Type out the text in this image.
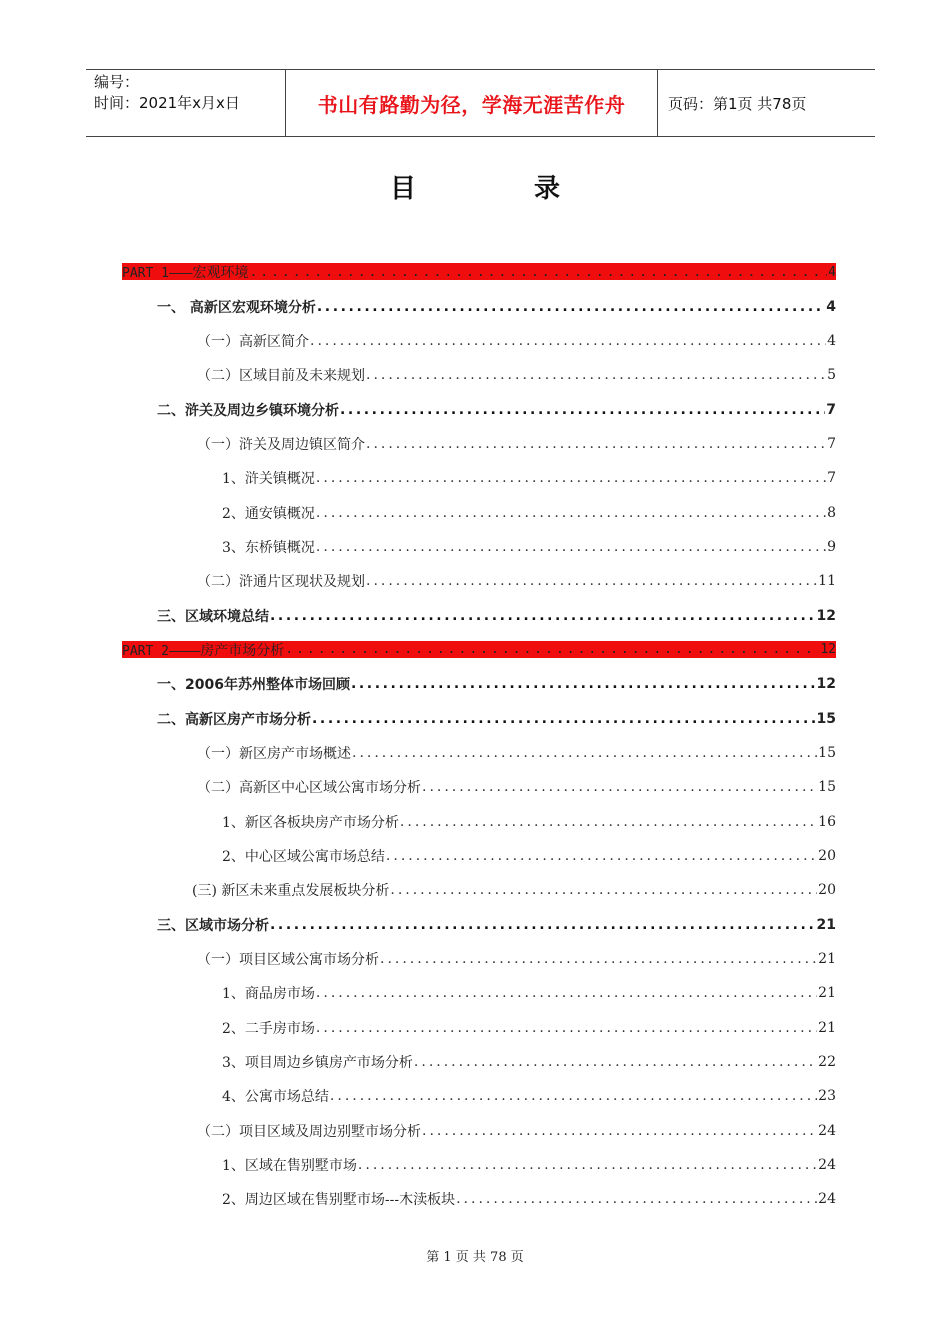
编号：
时间：2021年x月x日	书山有路勤为径，学海无涯苦作舟	页码：第1页 共78页
目录
PART 1———宏观环境 .....	4
一、 高新区宏观环境分析 .....	4
（一）高新区简介 .....	4
（二）区域目前及未来规划 .....	5
二、浒关及周边乡镇环境分析 .....	7
（一）浒关及周边镇区简介 .....	7
1、浒关镇概况 .....	7
2、通安镇概况 .....	8
3、东桥镇概况 .....	9
（二）浒通片区现状及规划 .....	11
三、区域环境总结 .....	12
PART 2————房产市场分析 .....	12
一、2006年苏州整体市场回顾 .....	12
二、高新区房产市场分析 .....	15
（一）新区房产市场概述 .....	15
（二）高新区中心区域公寓市场分析 .....	15
1、新区各板块房产市场分析 .....	16
2、中心区域公寓市场总结 .....	20
(三) 新区未来重点发展板块分析 .....	20
三、区域市场分析 .....	21
（一）项目区域公寓市场分析 .....	21
1、商品房市场 .....	21
2、二手房市场 .....	21
3、项目周边乡镇房产市场分析 .....	22
4、公寓市场总结 .....	23
（二）项目区域及周边别墅市场分析 .....	24
1、区域在售别墅市场 .....	24
2、周边区域在售别墅市场---木渎板块 .....	24
第 1 页 共 78 页
